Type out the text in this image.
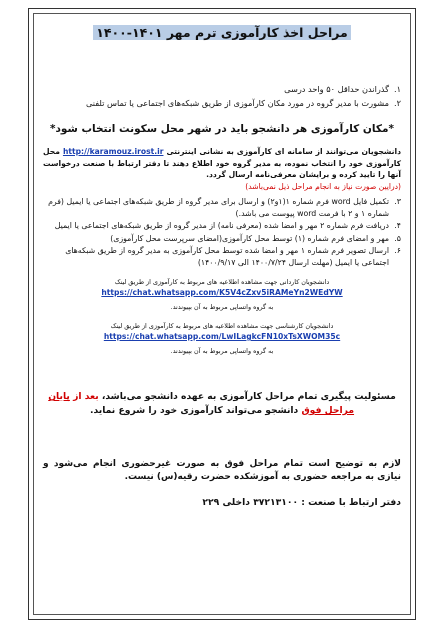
مراحل اخذ کارآموزی ترم مهر ۱۴۰۱-۱۴۰۰
۱.
گذراندن حداقل ۵۰ واحد درسی
۲.
مشورت با مدیر گروه در مورد مکان کارآموزی از طریق شبکه‌های اجتماعی یا تماس تلفنی
*مکان کارآموزی هر دانشجو باید در شهر محل سکونت انتخاب شود*
دانشجویان می‌توانند از سامانه ای کارآموزی به نشانی اینترنتی http://karamouz.irost.ir محل کارآموزی خود را انتخاب نموده، به مدیر گروه خود اطلاع دهند تا دفتر ارتباط با صنعت درخواست آنها را تایید کرده و برایشان معرفی‌نامه ارسال گردد.
(درایین صورت نیاز به انجام مراحل ذیل نمی‌باشد)
۳.
تکمیل فایل word فرم شماره ۱(۱و۲) و ارسال برای مدیر گروه از طریق شبکه‌های اجتماعی یا ایمیل (فرم شماره ۱ و ۲ با فرمت word پیوست می باشد.)
۴.
دریافت فرم شماره ۲ مهر و امضا شده (معرفی نامه) از مدیر گروه از طریق شبکه‌های اجتماعی یا ایمیل
۵.
مهر و امضای فرم شماره (۱) توسط محل کارآموزی(امضای سرپرست محل کارآموزی)
۶.
ارسال تصویر فرم شماره ۱ مهر و امضا شده توسط محل کارآموزی به مدیر گروه از طریق شبکه‌های اجتماعی یا ایمیل (مهلت ارسال ۱۴۰۰/۷/۲۴ الی ۱۴۰۰/۹/۱۷)
دانشجویان کاردانی جهت مشاهده اطلاعیه های مربوط به کارآموزی از طریق لینک
https://chat.whatsapp.com/K5V4cZxv5iRAMeYn2WEdYW
به گروه واتساپی مربوط به آن بپیوندند.
دانشجویان کارشناسی جهت مشاهده اطلاعیه های مربوط به کارآموزی از طریق لینک
https://chat.whatsapp.com/LwILagkcFN10xTsXWOM35c
به گروه واتساپی مربوط به آن بپیوندند.
مسئولیت پیگیری تمام مراحل کارآموزی به عهده دانشجو می‌باشد، بعد از پایان مراحل فوق دانشجو می‌تواند کارآموزی خود را شروع نماید.
لازم به توضیح است تمام مراحل فوق به صورت غیرحضوری انجام می‌شود و نیازی به مراجعه حضوری به آموزشکده حضرت رقیه(س) نیست.
دفتر ارتباط با صنعت : ۳۷۲۱۳۱۰۰ داخلی ۲۲۹
